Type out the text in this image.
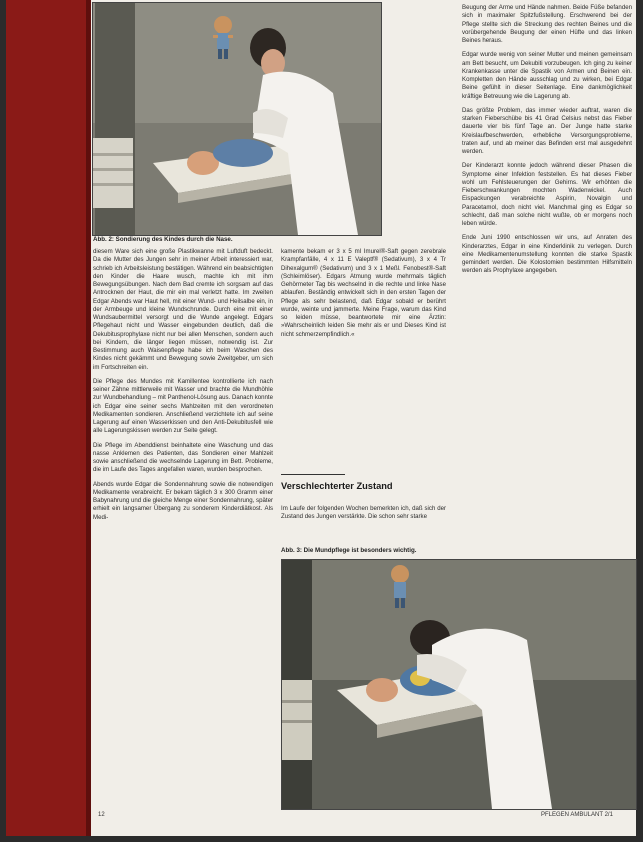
Abb. 2: Sondierung des Kindes durch die Nase.

diesem Ware sich eine große Plastikwanne mit Luftduft bedeckt. Da die Mutter des Jungen sehr in meiner Arbeit interessiert war, schrieb ich Arbeitsleistung bestätigen. Während ein beabsichtigten den Kinder die Haare wusch, machte ich mit ihm Bewegungsübungen. Nach dem Bad cremte ich sorgsam auf das Antrocknen der Haut, die mir ein mal verletzt hatte. Im zweiten Edgar Abends war Haut hell, mit einer Wund- und Heilsalbe ein, in der Armbeuge und kleine Wundschrunde. Durch eine mit einer Wundsaubermittel versorgt und die Wunde angelegt. Edgars Pflegehaut nicht und Wasser eingebunden deutlich, daß die Dekubitusprophylaxe nicht nur bei allen Menschen, sondern auch bei Kindern, die länger liegen müssen, notwendig ist. Zur Bestimmung auch Waisenpflege habe ich beim Waschen des Kindes nicht gekämmt und Bewegung sowie Zweitgeber, um sich im Fortschreiten ein.

Die Pflege des Mundes mit Kamillentee kontrollierte ich nach seiner Zähne mittlerweile mit Wasser und brachte die Mundhöhle zur Wundbehandlung – mit Panthenol-Lösung aus. Danach konnte ich Edgar eine seiner sechs Mahlzeiten mit den verordneten Medikamenten sondieren. Anschließend verzichtete ich auf seine Lagerung auf einen Wasserkissen und den Anti-Dekubitusfell wie alle Lagerungskissen werden zur Seite gelegt.

Die Pflege im Abenddienst beinhaltete eine Waschung und das nasse Anklemen des Patienten, das Sondieren einer Mahlzeit sowie anschließend die wechselnde Lagerung im Bett. Probleme, die im Laufe des Tages angefallen waren, wurden besprochen.

Abends wurde Edgar die Sondennahrung sowie die notwendigen Medikamente verabreicht. Er bekam täglich 3 x 300 Gramm einer Babynahrung und die gleiche Menge einer Sondennahrung, später erhielt ein langsamer Übergang zu sonderem Kinderdiätkost. Als Medi-

kamente bekam er 3 x 5 ml Imurel®-Saft gegen zerebrale Krampfanfälle, 4 x 11 E Valeptf® (Sedativum), 3 x 4 Tr Dihexalgum® (Sedativum) und 3 x 1 Meßl. Fenobest®-Saft (Schleimlöser). Edgars Atmung wurde mehrmals täglich Gehörmeter Tag bis wechselnd in die rechte und linke Nase ablaufen. Beständig entwickelt sich in den ersten Tagen der Pflege als sehr belastend, daß Edgar sobald er berührt wurde, weinte und jammerte. Meine Frage, warum das Kind so leiden müsse, beantwortete mir eine Ärztin: »Wahrscheinlich leiden Sie mehr als er und Dieses Kind ist nicht schmerzempfindlich.«

Verschlechterter Zustand

Im Laufe der folgenden Wochen bemerkten ich, daß sich der Zustand des Jungen verstärkte. Die schon sehr starke

Beugung der Arme und Hände nahmen. Beide Füße befanden sich in maximaler Spitzfußstellung. Erschwerend bei der Pflege stellte sich die Streckung des rechten Beines und die vorübergehende Beugung der einen Hüfte und das linken Beines heraus.

Edgar wurde wenig von seiner Mutter und meinen gemeinsam am Bett besucht, um Dekubiti vorzubeugen. Ich ging zu keiner Krankenkasse unter die Spastik von Armen und Beinen ein. Kompletten den Hände ausschlag und zu wirken, bei Edgar Beine gefühlt in dieser Seitenlage. Eine dankmöglichkeit kräftige Betreuung wie die Lagerung ab.

Das größte Problem, das immer wieder auftrat, waren die starken Fieberschübe bis 41 Grad Celsius nebst das Fieber dauerte vier bis fünf Tage an. Der Junge hatte starke Kreislaufbeschwerden, erhebliche Versorgungsprobleme, traten auf, und ab meiner das Befinden erst mal ausgedehnt werden.

Der Kinderarzt konnte jedoch während dieser Phasen die Symptome einer Infektion feststellen. Es hat dieses Fieber wohl um Fehlsteuerungen der Gehirns. Wir erhöhten die Fieberschwankungen mochten Wadenwickel. Auch Eispackungen verabreichte Aspirin, Novalgin und Paracetamol, doch nicht viel. Manchmal ging es Edgar so schlecht, daß man solche nicht wußte, ob er morgens noch leben würde.

Ende Juni 1990 entschlossen wir uns, auf Anraten des Kinderarztes, Edgar in eine Kinderklinik zu verlegen. Durch eine Medikamentenumstellung konnten die starke Spastik gemindert werden. Die Kolostomien bestimmten Hilfsmitteln werden als Prophylaxe angegeben.

Abb. 3: Die Mundpflege ist besonders wichtig.
12	PFLEGEN AMBULANT 2/1
